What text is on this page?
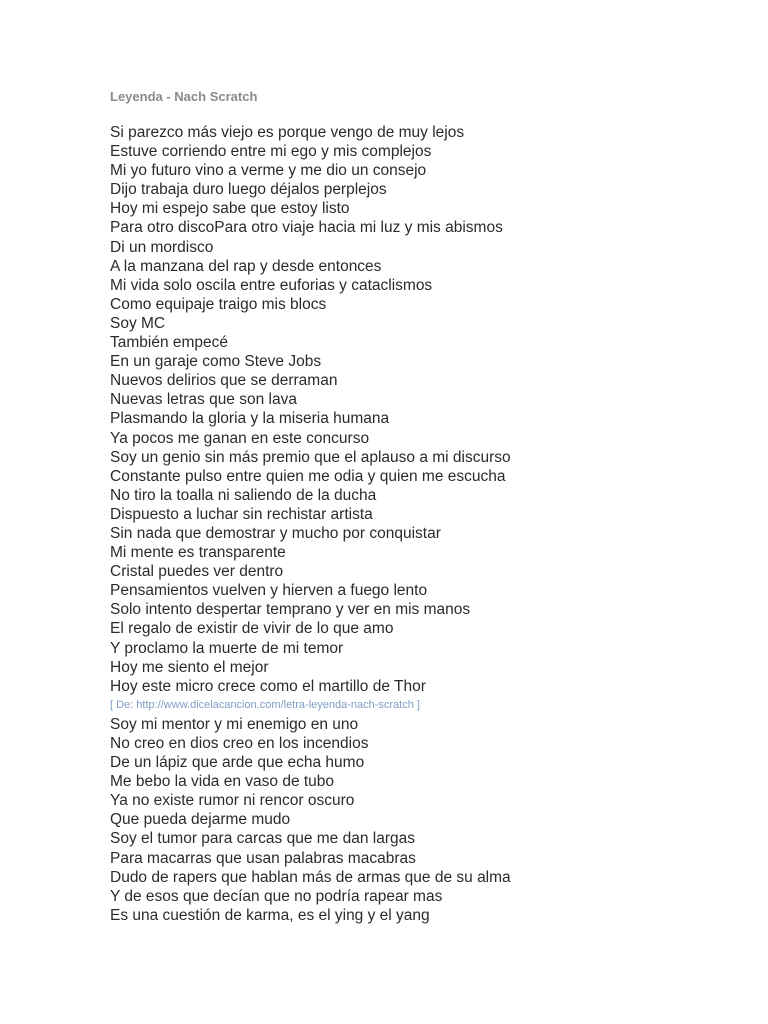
Leyenda - Nach Scratch
Si parezco más viejo es porque vengo de muy lejos
Estuve corriendo entre mi ego y mis complejos
Mi yo futuro vino a verme y me dio un consejo
Dijo trabaja duro luego déjalos perplejos
Hoy mi espejo sabe que estoy listo
Para otro discoPara otro viaje hacia mi luz y mis abismos
Di un mordisco
A la manzana del rap y desde entonces
Mi vida solo oscila entre euforias y cataclismos
Como equipaje traigo mis blocs
Soy MC
También empecé
En un garaje como Steve Jobs
Nuevos delirios que se derraman
Nuevas letras que son lava
Plasmando la gloria y la miseria humana
Ya pocos me ganan en este concurso
Soy un genio sin más premio que el aplauso a mi discurso
Constante pulso entre quien me odia y quien me escucha
No tiro la toalla ni saliendo de la ducha
Dispuesto a luchar sin rechistar artista
Sin nada que demostrar y mucho por conquistar
Mi mente es transparente
Cristal puedes ver dentro
Pensamientos vuelven y hierven a fuego lento
Solo intento despertar temprano y ver en mis manos
El regalo de existir de vivir de lo que amo
Y proclamo la muerte de mi temor
Hoy me siento el mejor
Hoy este micro crece como el martillo de Thor
[ De: http://www.dicelacancion.com/letra-leyenda-nach-scratch ]
Soy mi mentor y mi enemigo en uno
No creo en dios creo en los incendios
De un lápiz que arde que echa humo
Me bebo la vida en vaso de tubo
Ya no existe rumor ni rencor oscuro
Que pueda dejarme mudo
Soy el tumor para carcas que me dan largas
Para macarras que usan palabras macabras
Dudo de rapers que hablan más de armas que de su alma
Y de esos que decían que no podría rapear mas
Es una cuestión de karma, es el ying y el yang
